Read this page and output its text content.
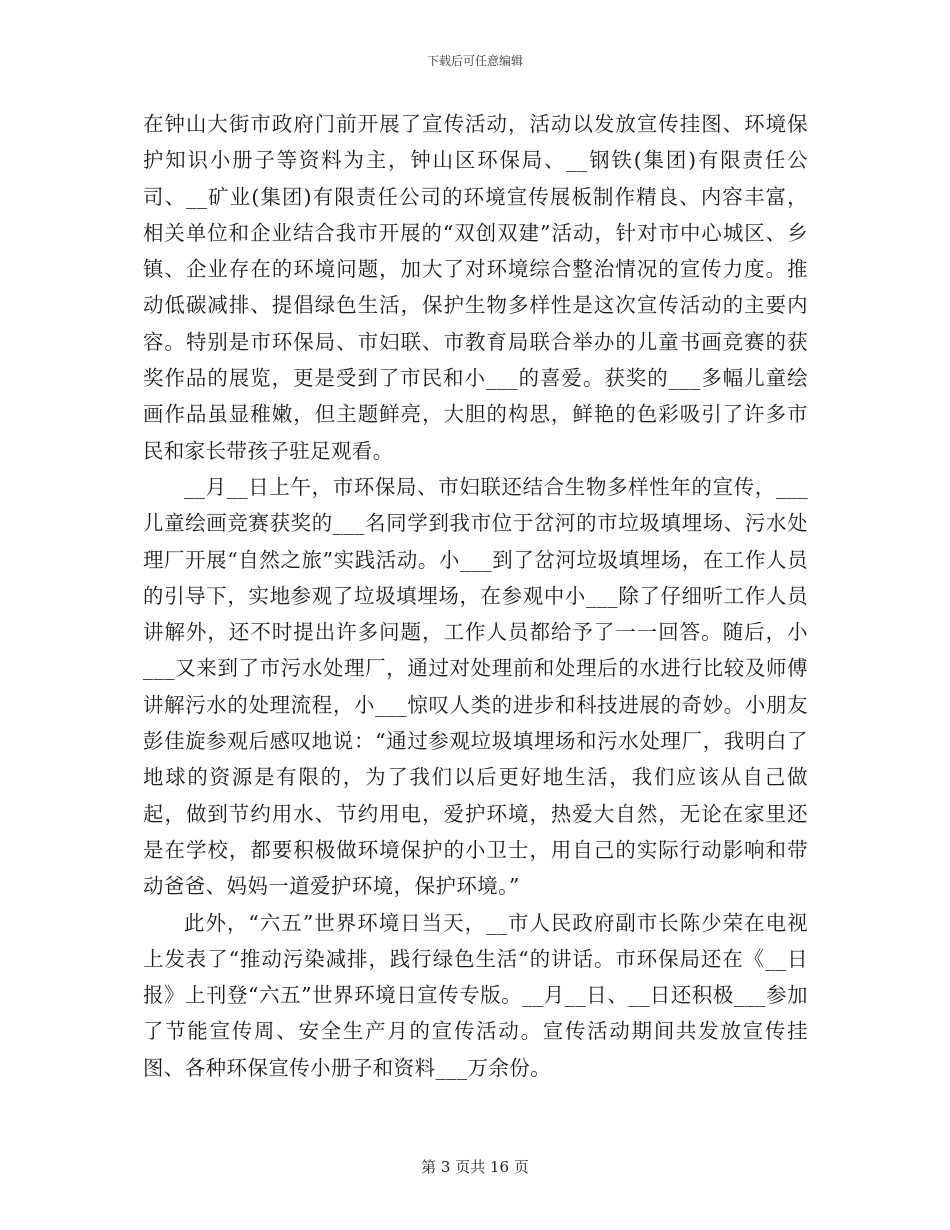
下载后可任意编辑

在钟山大街市政府门前开展了宣传活动，活动以发放宣传挂图、环境保护知识小册子等资料为主，钟山区环保局、__钢铁(集团)有限责任公司、__矿业(集团)有限责任公司的环境宣传展板制作精良、内容丰富，相关单位和企业结合我市开展的“双创双建”活动，针对市中心城区、乡镇、企业存在的环境问题，加大了对环境综合整治情况的宣传力度。推动低碳减排、提倡绿色生活，保护生物多样性是这次宣传活动的主要内容。特别是市环保局、市妇联、市教育局联合举办的儿童书画竞赛的获奖作品的展览，更是受到了市民和小___的喜爱。获奖的___多幅儿童绘画作品虽显稚嫩，但主题鲜亮，大胆的构思，鲜艳的色彩吸引了许多市民和家长带孩子驻足观看。

__月__日上午，市环保局、市妇联还结合生物多样性年的宣传，___儿童绘画竞赛获奖的___名同学到我市位于岔河的市垃圾填埋场、污水处理厂开展“自然之旅”实践活动。小___到了岔河垃圾填埋场，在工作人员的引导下，实地参观了垃圾填埋场，在参观中小___除了仔细听工作人员讲解外，还不时提出许多问题，工作人员都给予了一一回答。随后，小___又来到了市污水处理厂，通过对处理前和处理后的水进行比较及师傅讲解污水的处理流程，小___惊叹人类的进步和科技进展的奇妙。小朋友彭佳旋参观后感叹地说：“通过参观垃圾填埋场和污水处理厂，我明白了地球的资源是有限的，为了我们以后更好地生活，我们应该从自己做起，做到节约用水、节约用电，爱护环境，热爱大自然，无论在家里还是在学校，都要积极做环境保护的小卫士，用自己的实际行动影响和带动爸爸、妈妈一道爱护环境，保护环境。”

此外，“六五”世界环境日当天，__市人民政府副市长陈少荣在电视上发表了“推动污染减排，践行绿色生活“的讲话。市环保局还在《__日报》上刊登“六五”世界环境日宣传专版。__月__日、__日还积极___参加了节能宣传周、安全生产月的宣传活动。宣传活动期间共发放宣传挂图、各种环保宣传小册子和资料___万余份。

第 3 页共 16 页
